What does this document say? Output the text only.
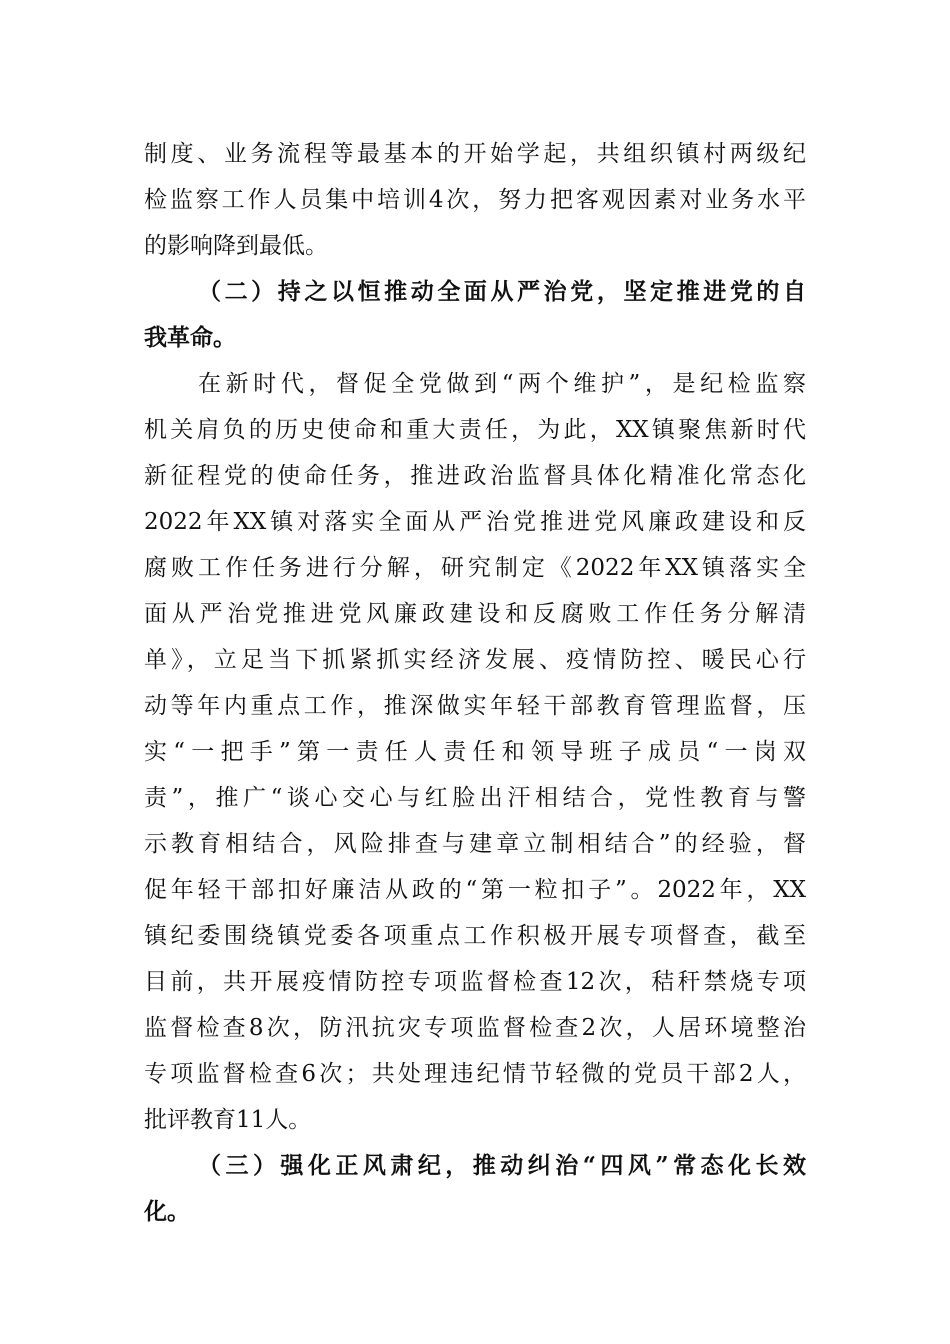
制度、业务流程等最基本的开始学起，共组织镇村两级纪
检监察工作人员集中培训4次，努力把客观因素对业务水平
的影响降到最低。
（二）持之以恒推动全面从严治党，坚定推进党的自
我革命。
在新时代，督促全党做到“两个维护”，是纪检监察
机关肩负的历史使命和重大责任，为此，XX镇聚焦新时代
新征程党的使命任务，推进政治监督具体化精准化常态化
2022年XX镇对落实全面从严治党推进党风廉政建设和反
腐败工作任务进行分解，研究制定《2022年XX镇落实全
面从严治党推进党风廉政建设和反腐败工作任务分解清
单》，立足当下抓紧抓实经济发展、疫情防控、暖民心行
动等年内重点工作，推深做实年轻干部教育管理监督，压
实“一把手”第一责任人责任和领导班子成员“一岗双
责”，推广“谈心交心与红脸出汗相结合，党性教育与警
示教育相结合，风险排查与建章立制相结合”的经验，督
促年轻干部扣好廉洁从政的“第一粒扣子”。2022年，XX
镇纪委围绕镇党委各项重点工作积极开展专项督查，截至
目前，共开展疫情防控专项监督检查12次，秸秆禁烧专项
监督检查8次，防汛抗灾专项监督检查2次，人居环境整治
专项监督检查6次；共处理违纪情节轻微的党员干部2人，
批评教育11人。
（三）强化正风肃纪，推动纠治“四风”常态化长效
化。
